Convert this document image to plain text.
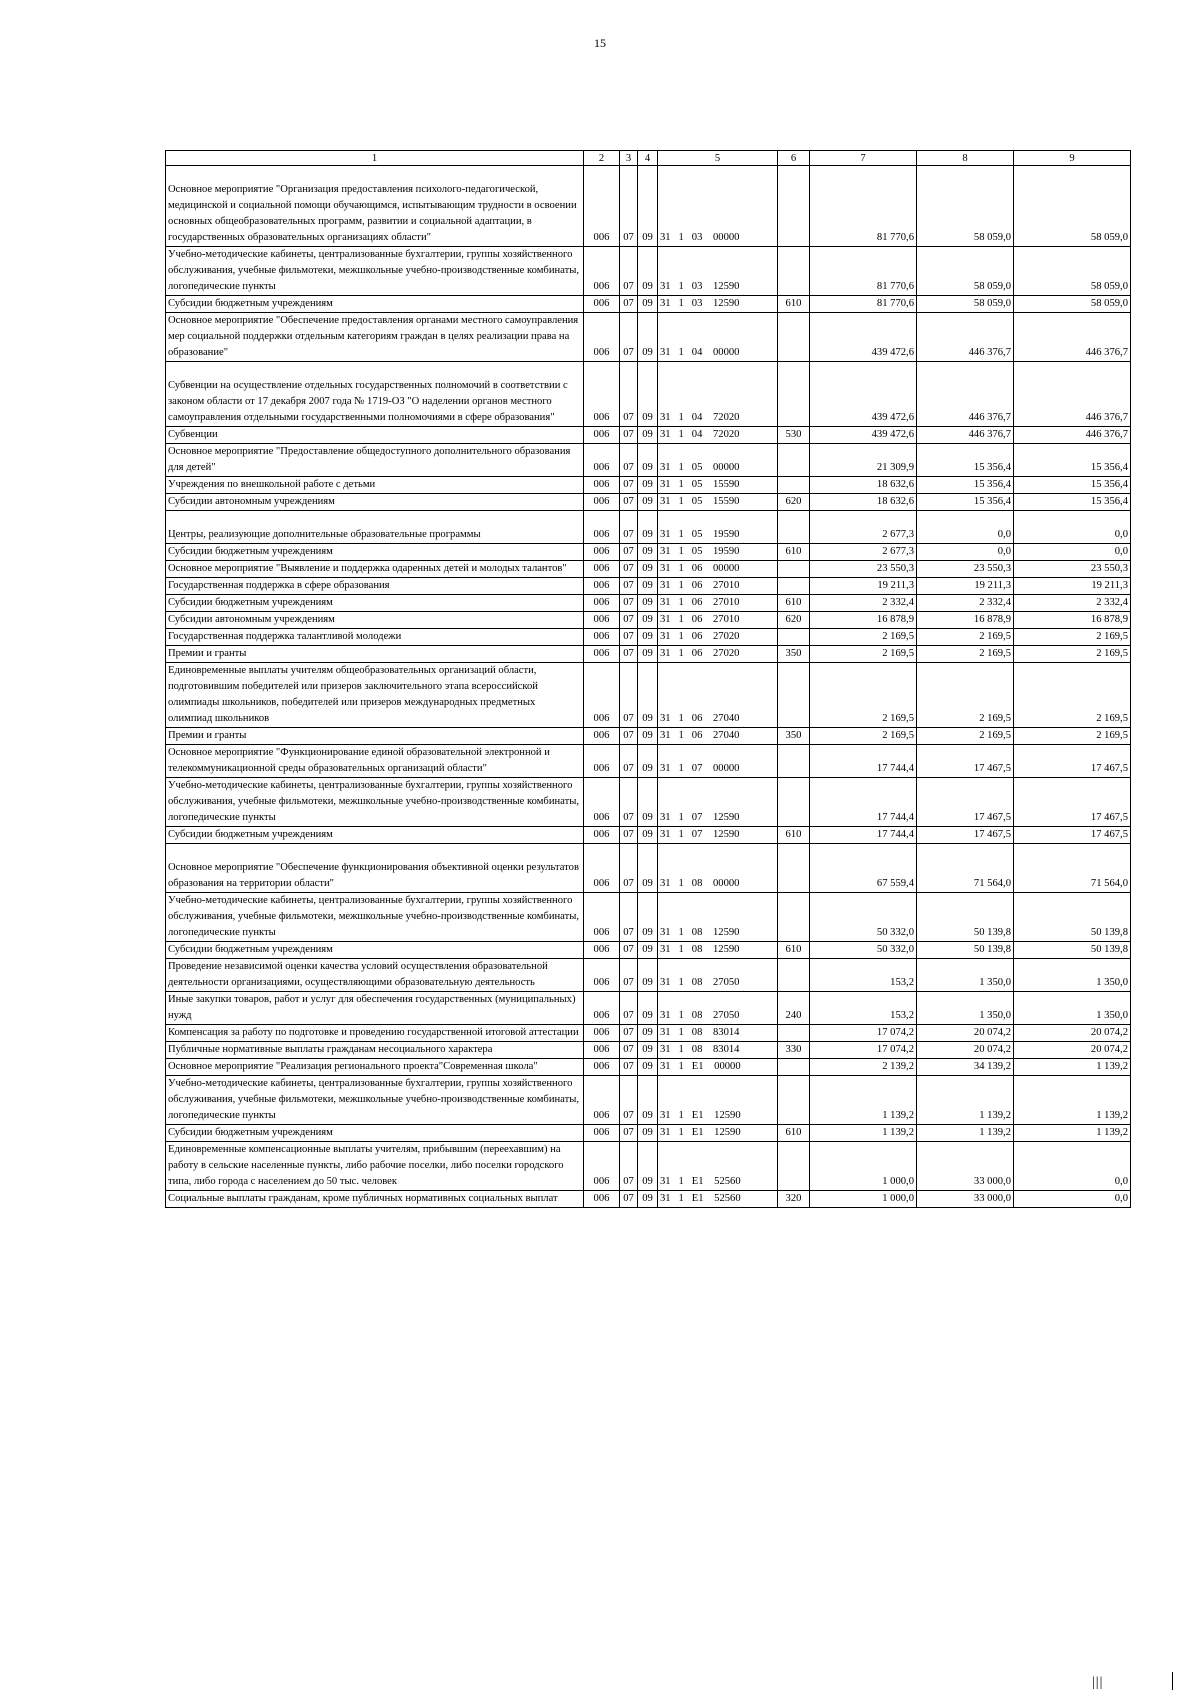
15
1	2	3	4	5	6	7	8	9
Основное мероприятие "Организация предоставления психолого-педагогической, медицинской и социальной помощи обучающимся, испытывающим трудности в освоении основных общеобразовательных программ, развитии и социальной адаптации, в государственных образовательных организациях области"	006	07	09	31   1   03    00000		81 770,6	58 059,0	58 059,0
Учебно-методические кабинеты, централизованные бухгалтерии, группы хозяйственного обслуживания, учебные фильмотеки, межшкольные учебно-производственные комбинаты, логопедические пункты	006	07	09	31   1   03    12590		81 770,6	58 059,0	58 059,0
Субсидии бюджетным учреждениям	006	07	09	31   1   03    12590	610	81 770,6	58 059,0	58 059,0
Основное мероприятие "Обеспечение предоставления органами местного самоуправления мер социальной поддержки отдельным категориям граждан в целях реализации права на образование"	006	07	09	31   1   04    00000		439 472,6	446 376,7	446 376,7
Субвенции на осуществление отдельных государственных полномочий в соответствии с законом области от 17 декабря 2007 года № 1719-ОЗ "О наделении органов местного самоуправления отдельными государственными полномочиями в сфере образования"	006	07	09	31   1   04    72020		439 472,6	446 376,7	446 376,7
Субвенции	006	07	09	31   1   04    72020	530	439 472,6	446 376,7	446 376,7
Основное мероприятие "Предоставление общедоступного дополнительного образования для детей"	006	07	09	31   1   05    00000		21 309,9	15 356,4	15 356,4
Учреждения по внешкольной работе с детьми	006	07	09	31   1   05    15590		18 632,6	15 356,4	15 356,4
Субсидии автономным учреждениям	006	07	09	31   1   05    15590	620	18 632,6	15 356,4	15 356,4
Центры, реализующие дополнительные образовательные программы	006	07	09	31   1   05    19590		2 677,3	0,0	0,0
Субсидии бюджетным учреждениям	006	07	09	31   1   05    19590	610	2 677,3	0,0	0,0
Основное мероприятие "Выявление и поддержка одаренных детей и молодых талантов"	006	07	09	31   1   06    00000		23 550,3	23 550,3	23 550,3
Государственная поддержка в сфере образования	006	07	09	31   1   06    27010		19 211,3	19 211,3	19 211,3
Субсидии бюджетным учреждениям	006	07	09	31   1   06    27010	610	2 332,4	2 332,4	2 332,4
Субсидии автономным учреждениям	006	07	09	31   1   06    27010	620	16 878,9	16 878,9	16 878,9
Государственная поддержка талантливой молодежи	006	07	09	31   1   06    27020		2 169,5	2 169,5	2 169,5
Премии и гранты	006	07	09	31   1   06    27020	350	2 169,5	2 169,5	2 169,5
Единовременные выплаты учителям общеобразовательных организаций области, подготовившим победителей или призеров заключительного этапа всероссийской олимпиады школьников, победителей или призеров международных предметных олимпиад школьников	006	07	09	31   1   06    27040		2 169,5	2 169,5	2 169,5
Премии и гранты	006	07	09	31   1   06    27040	350	2 169,5	2 169,5	2 169,5
Основное мероприятие "Функционирование единой образовательной электронной и телекоммуникационной среды образовательных организаций области"	006	07	09	31   1   07    00000		17 744,4	17 467,5	17 467,5
Учебно-методические кабинеты, централизованные бухгалтерии, группы хозяйственного обслуживания, учебные фильмотеки, межшкольные учебно-производственные комбинаты, логопедические пункты	006	07	09	31   1   07    12590		17 744,4	17 467,5	17 467,5
Субсидии бюджетным учреждениям	006	07	09	31   1   07    12590	610	17 744,4	17 467,5	17 467,5
Основное мероприятие "Обеспечение функционирования объективной оценки результатов образования на территории области"	006	07	09	31   1   08    00000		67 559,4	71 564,0	71 564,0
Учебно-методические кабинеты, централизованные бухгалтерии, группы хозяйственного обслуживания, учебные фильмотеки, межшкольные учебно-производственные комбинаты, логопедические пункты	006	07	09	31   1   08    12590		50 332,0	50 139,8	50 139,8
Субсидии бюджетным учреждениям	006	07	09	31   1   08    12590	610	50 332,0	50 139,8	50 139,8
Проведение независимой оценки качества условий осуществления образовательной деятельности организациями, осуществляющими образовательную деятельность	006	07	09	31   1   08    27050		153,2	1 350,0	1 350,0
Иные закупки товаров, работ и услуг для обеспечения государственных (муниципальных) нужд	006	07	09	31   1   08    27050	240	153,2	1 350,0	1 350,0
Компенсация за работу по подготовке и проведению государственной итоговой аттестации	006	07	09	31   1   08    83014		17 074,2	20 074,2	20 074,2
Публичные нормативные выплаты гражданам несоциального характера	006	07	09	31   1   08    83014	330	17 074,2	20 074,2	20 074,2
Основное мероприятие "Реализация регионального проекта"Современная школа"	006	07	09	31   1   E1    00000		2 139,2	34 139,2	1 139,2
Учебно-методические кабинеты, централизованные бухгалтерии, группы хозяйственного обслуживания, учебные фильмотеки, межшкольные учебно-производственные комбинаты, логопедические пункты	006	07	09	31   1   E1    12590		1 139,2	1 139,2	1 139,2
Субсидии бюджетным учреждениям	006	07	09	31   1   E1    12590	610	1 139,2	1 139,2	1 139,2
Единовременные компенсационные выплаты учителям, прибывшим (переехавшим) на работу в сельские населенные пункты, либо рабочие поселки, либо поселки городского типа, либо города с населением до 50 тыс. человек	006	07	09	31   1   E1    52560		1 000,0	33 000,0	0,0
Социальные выплаты гражданам, кроме публичных нормативных социальных выплат	006	07	09	31   1   E1    52560	320	1 000,0	33 000,0	0,0
|||
